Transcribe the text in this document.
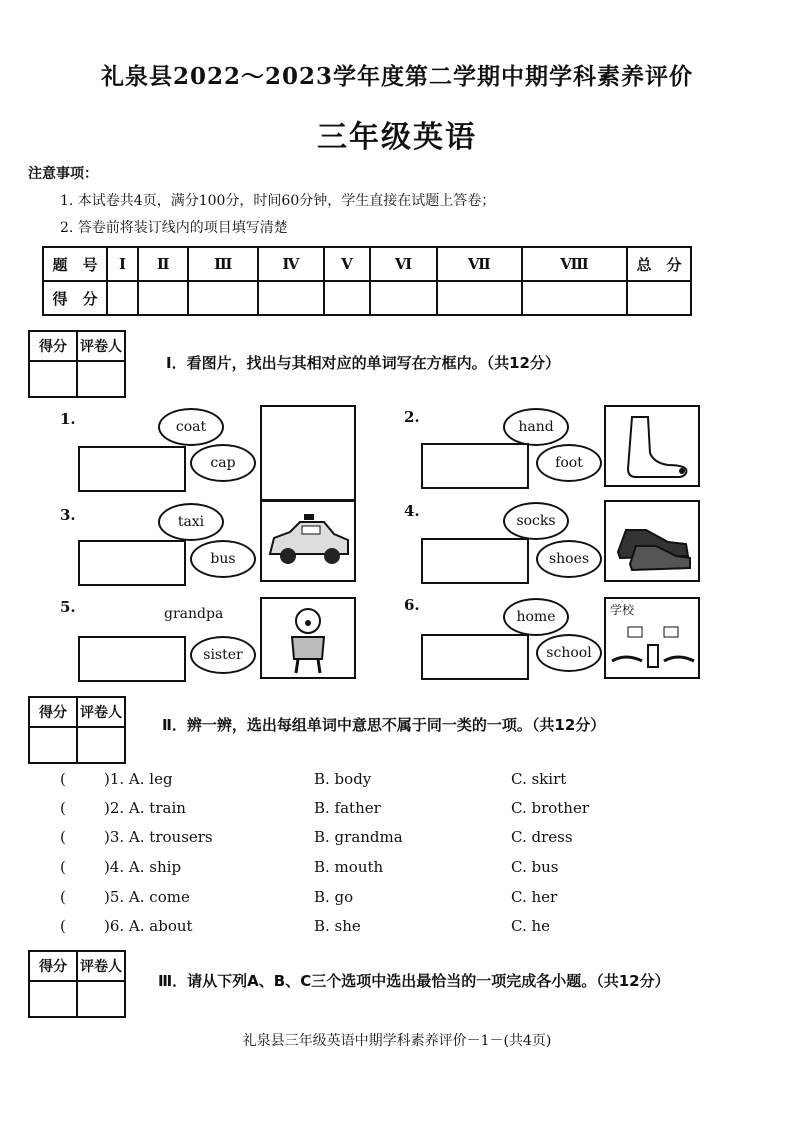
礼泉县2022～2023学年度第二学期中期学科素养评价
三年级英语
注意事项：
1. 本试卷共4页，满分100分，时间60分钟，学生直接在试题上答卷；
2. 答卷前将装订线内的项目填写清楚
题　号	Ⅰ	Ⅱ	Ⅲ	Ⅳ	Ⅴ	Ⅵ	Ⅶ	Ⅷ	总　分
得　分									
得分	评卷人

Ⅰ．看图片，找出与其相对应的单词写在方框内。（共12分）
1.	coat
cap
2.
hand
foot
3.	taxi
bus
4.
socks
shoes
5.	grandpa
sister
6.
home
school
学校
得分	评卷人

Ⅱ．辨一辨，选出每组单词中意思不属于同一类的一项。（共12分）
(	)1. A. leg	B. body	C. skirt
(	)2. A. train	B. father	C. brother
(	)3. A. trousers	B. grandma	C. dress
(	)4. A. ship	B. mouth	C. bus
(	)5. A. come	B. go	C. her
(	)6. A. about	B. she	C. he
得分	评卷人

Ⅲ．请从下列A、B、C三个选项中选出最恰当的一项完成各小题。（共12分）
礼泉县三年级英语中期学科素养评价－1－(共4页)
